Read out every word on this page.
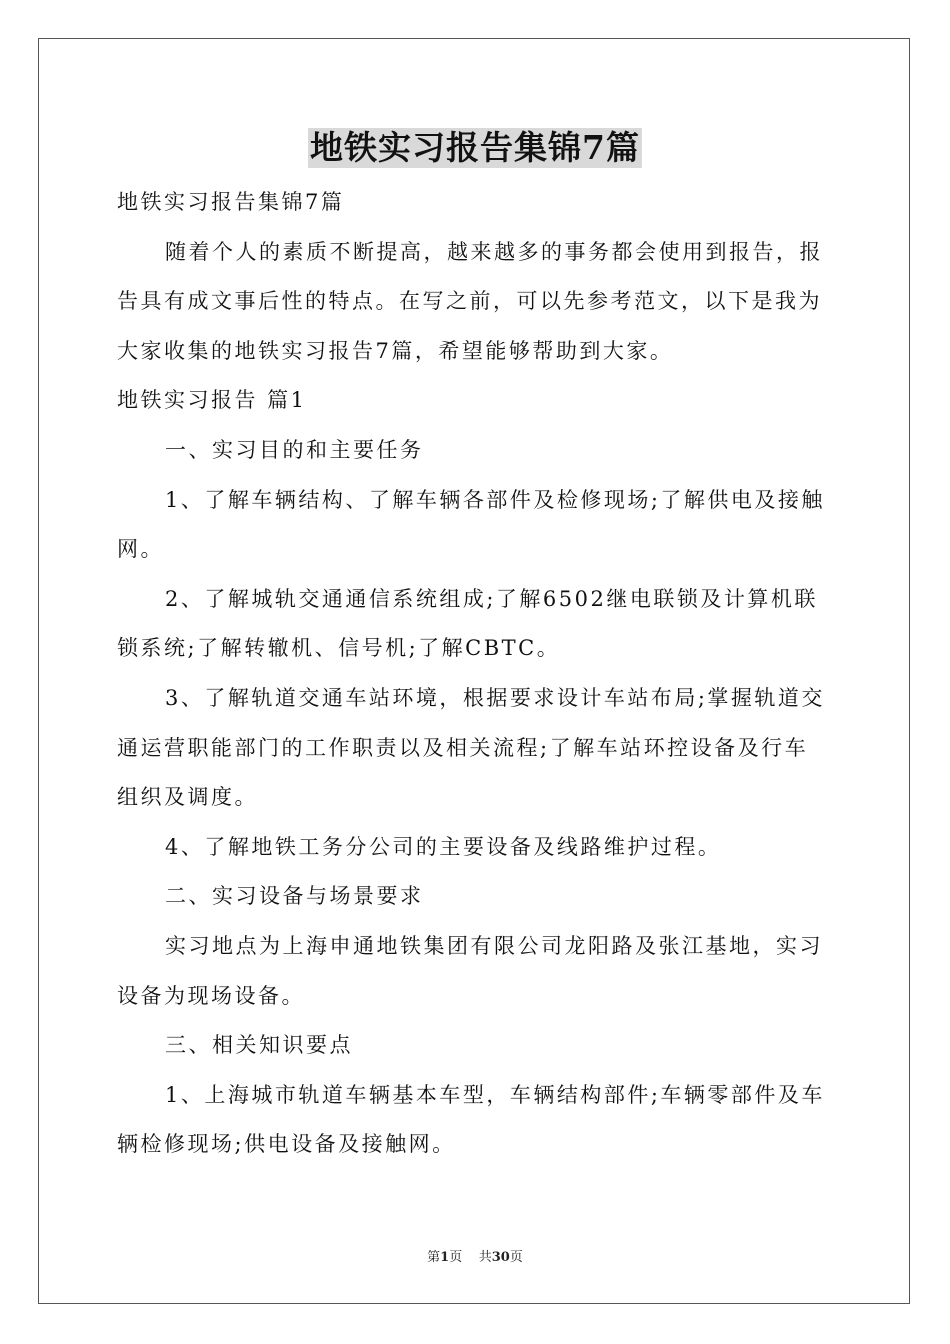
地铁实习报告集锦7篇
地铁实习报告集锦7篇
随着个人的素质不断提高，越来越多的事务都会使用到报告，报
告具有成文事后性的特点。在写之前，可以先参考范文，以下是我为
大家收集的地铁实习报告7篇，希望能够帮助到大家。
地铁实习报告 篇1
一、实习目的和主要任务
1、了解车辆结构、了解车辆各部件及检修现场;了解供电及接触
网。
2、了解城轨交通通信系统组成;了解6502继电联锁及计算机联
锁系统;了解转辙机、信号机;了解CBTC。
3、了解轨道交通车站环境，根据要求设计车站布局;掌握轨道交
通运营职能部门的工作职责以及相关流程;了解车站环控设备及行车
组织及调度。
4、了解地铁工务分公司的主要设备及线路维护过程。
二、实习设备与场景要求
实习地点为上海申通地铁集团有限公司龙阳路及张江基地，实习
设备为现场设备。
三、相关知识要点
1、上海城市轨道车辆基本车型，车辆结构部件;车辆零部件及车
辆检修现场;供电设备及接触网。
第1页 共30页
